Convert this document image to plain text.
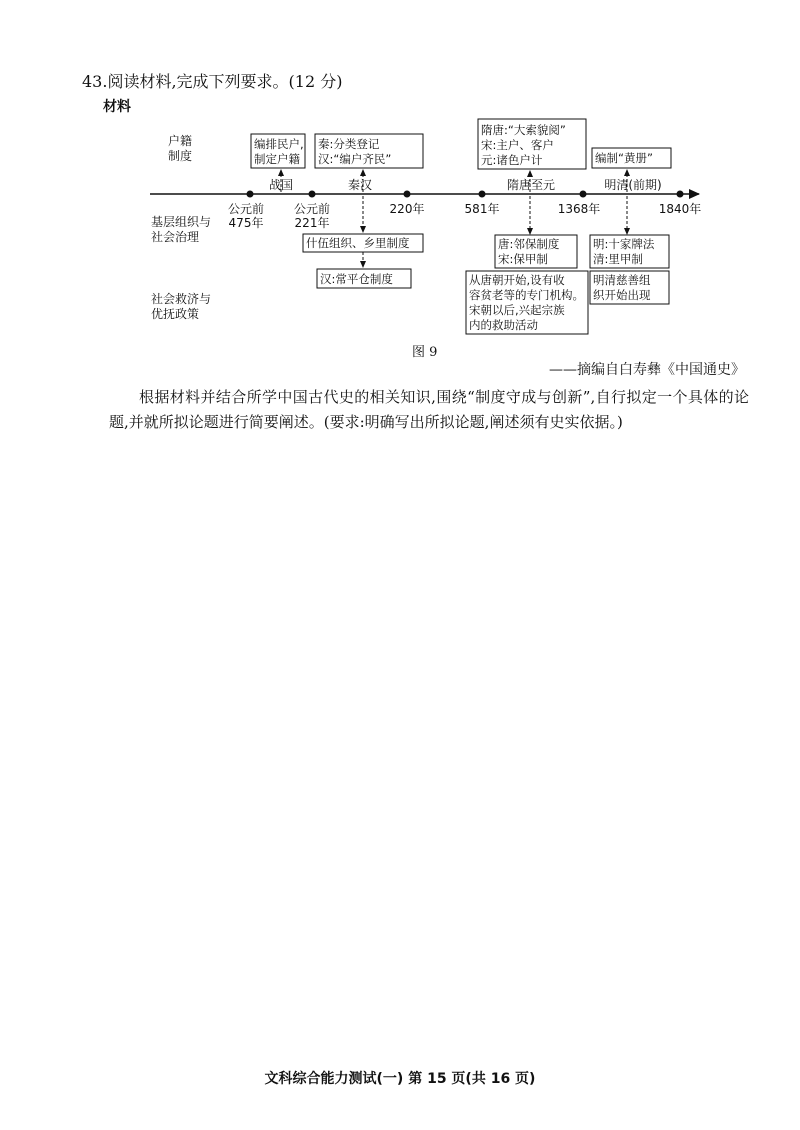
43.阅读材料,完成下列要求。(12 分)
材料
户籍
制度
基层组织与
社会治理
社会救济与
优抚政策
公元前
475年
公元前
221年
220年	581年	1368年	1840年
战国	秦汉	隋唐至元	明清(前期)
编排民户,
制定户籍
秦:分类登记
汉:“编户齐民”
隋唐:“大索貌阅”
宋:主户、客户
元:诸色户计	编制“黄册”
什伍组织、乡里制度	唐:邻保制度
宋:保甲制
明:十家牌法
清:里甲制
汉:常平仓制度	从唐朝开始,设有收
容贫老等的专门机构。
宋朝以后,兴起宗族
内的救助活动
明清慈善组
织开始出现
图 9
——摘编自白寿彝《中国通史》
根据材料并结合所学中国古代史的相关知识,围绕“制度守成与创新”,自行拟定一个具体的论题,并就所拟论题进行简要阐述。(要求:明确写出所拟论题,阐述须有史实依据。)
文科综合能力测试(一) 第 15 页(共 16 页)
